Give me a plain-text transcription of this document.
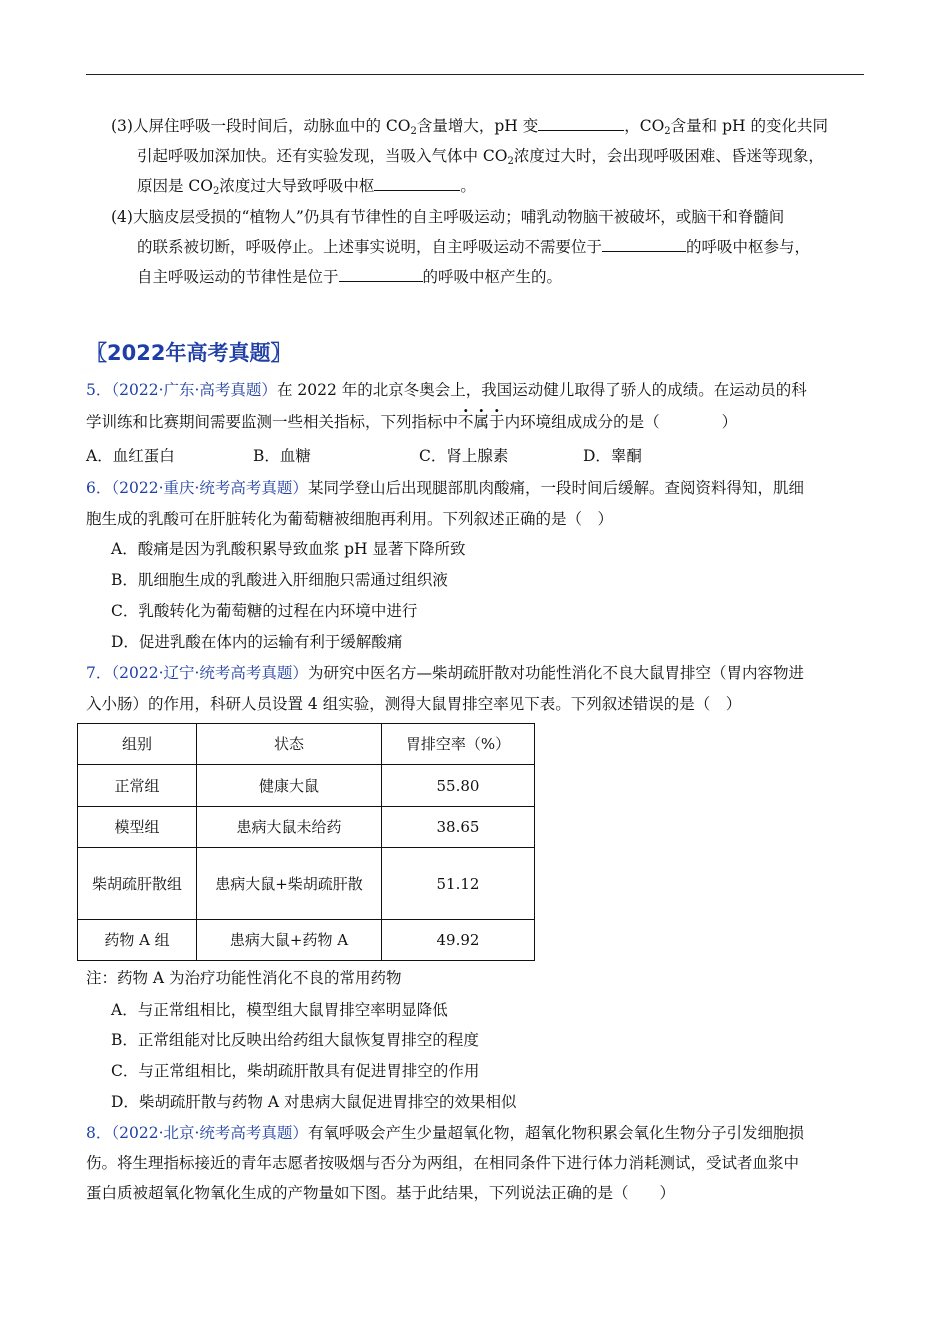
(3)人屏住呼吸一段时间后，动脉血中的 $CO_2$含量增大，pH 变	，$CO_2$含量和 pH 的变化共同
引起呼吸加深加快。还有实验发现，当吸入气体中 $CO_2$浓度过大时，会出现呼吸困难、昏迷等现象，
原因是 $CO_2$浓度过大导致呼吸中枢	。
(4)大脑皮层受损的“植物人”仍具有节律性的自主呼吸运动；哺乳动物脑干被破坏，或脑干和脊髓间
的联系被切断，呼吸停止。上述事实说明，自主呼吸运动不需要位于	的呼吸中枢参与，
自主呼吸运动的节律性是位于	的呼吸中枢产生的。
〖2022年高考真题〗
5．（2022·广东·高考真题）在 2022 年的北京冬奥会上，我国运动健儿取得了骄人的成绩。在运动员的科
学训练和比赛期间需要监测一些相关指标，下列指标中不属于内环境组成成分的是（　　　　）
A．血红蛋白	B．血糖	C．肾上腺素	D．睾酮
6．（2022·重庆·统考高考真题）某同学登山后出现腿部肌肉酸痛，一段时间后缓解。查阅资料得知，肌细
胞生成的乳酸可在肝脏转化为葡萄糖被细胞再利用。下列叙述正确的是（　）
A．酸痛是因为乳酸积累导致血浆 pH 显著下降所致
B．肌细胞生成的乳酸进入肝细胞只需通过组织液
C．乳酸转化为葡萄糖的过程在内环境中进行
D．促进乳酸在体内的运输有利于缓解酸痛
7．（2022·辽宁·统考高考真题）为研究中医名方—柴胡疏肝散对功能性消化不良大鼠胃排空（胃内容物进
入小肠）的作用，科研人员设置 4 组实验，测得大鼠胃排空率见下表。下列叙述错误的是（　）
组别	状态	胃排空率（%）
正常组	健康大鼠	55.80
模型组	患病大鼠未给药	38.65
柴胡疏肝散组	患病大鼠+柴胡疏肝散	51.12
药物 A 组	患病大鼠+药物 A	49.92
注：药物 A 为治疗功能性消化不良的常用药物
A．与正常组相比，模型组大鼠胃排空率明显降低
B．正常组能对比反映出给药组大鼠恢复胃排空的程度
C．与正常组相比，柴胡疏肝散具有促进胃排空的作用
D．柴胡疏肝散与药物 A 对患病大鼠促进胃排空的效果相似
8．（2022·北京·统考高考真题）有氧呼吸会产生少量超氧化物，超氧化物积累会氧化生物分子引发细胞损
伤。将生理指标接近的青年志愿者按吸烟与否分为两组，在相同条件下进行体力消耗测试，受试者血浆中
蛋白质被超氧化物氧化生成的产物量如下图。基于此结果，下列说法正确的是（　　）
